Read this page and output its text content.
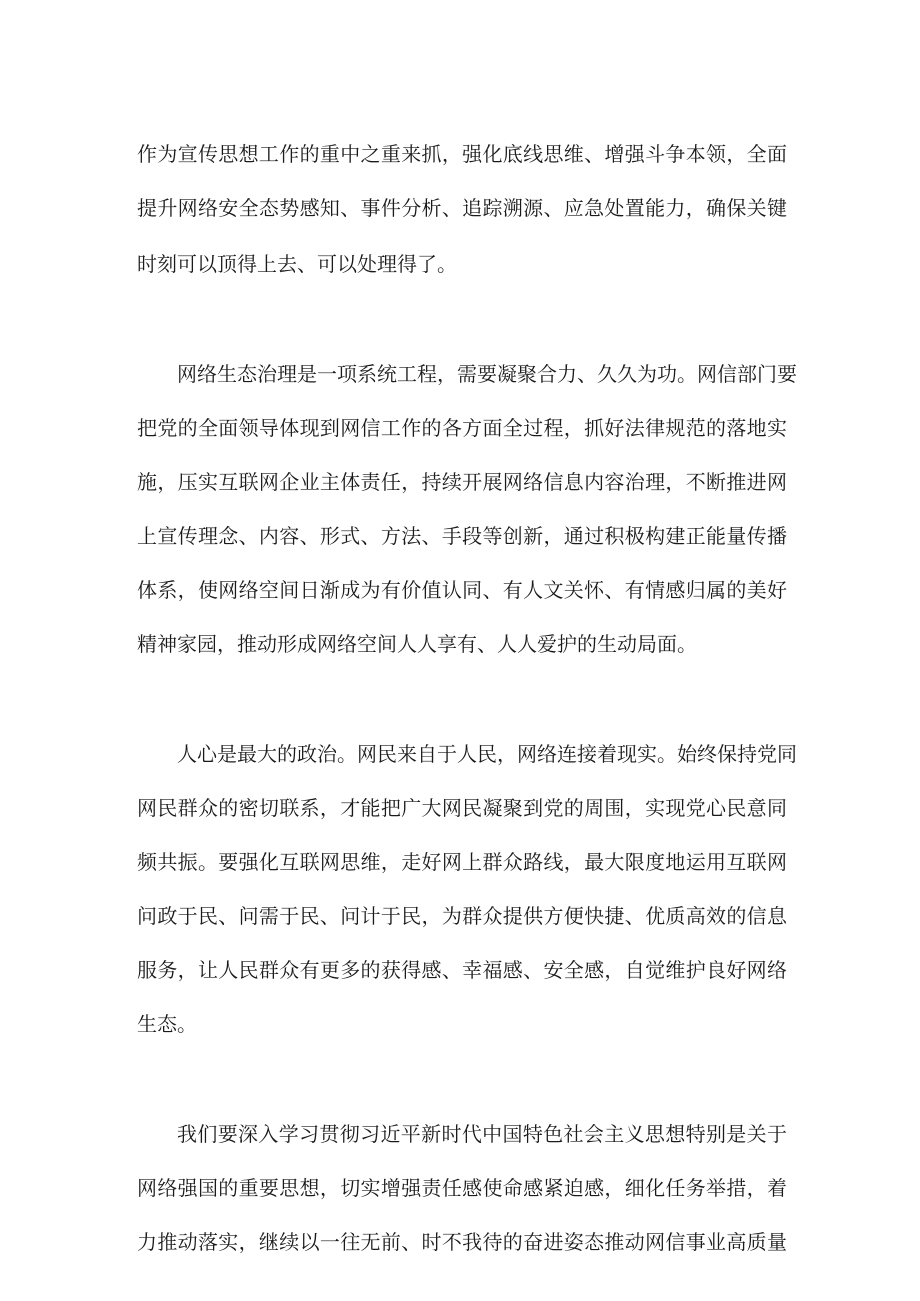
作为宣传思想工作的重中之重来抓，强化底线思维、增强斗争本领，全面
提升网络安全态势感知、事件分析、追踪溯源、应急处置能力，确保关键
时刻可以顶得上去、可以处理得了。
网络生态治理是一项系统工程，需要凝聚合力、久久为功。网信部门要
把党的全面领导体现到网信工作的各方面全过程，抓好法律规范的落地实
施，压实互联网企业主体责任，持续开展网络信息内容治理，不断推进网
上宣传理念、内容、形式、方法、手段等创新，通过积极构建正能量传播
体系，使网络空间日渐成为有价值认同、有人文关怀、有情感归属的美好
精神家园，推动形成网络空间人人享有、人人爱护的生动局面。
人心是最大的政治。网民来自于人民，网络连接着现实。始终保持党同
网民群众的密切联系，才能把广大网民凝聚到党的周围，实现党心民意同
频共振。要强化互联网思维，走好网上群众路线，最大限度地运用互联网
问政于民、问需于民、问计于民，为群众提供方便快捷、优质高效的信息
服务，让人民群众有更多的获得感、幸福感、安全感，自觉维护良好网络
生态。
我们要深入学习贯彻习近平新时代中国特色社会主义思想特别是关于
网络强国的重要思想，切实增强责任感使命感紧迫感，细化任务举措，着
力推动落实，继续以一往无前、时不我待的奋进姿态推动网信事业高质量
